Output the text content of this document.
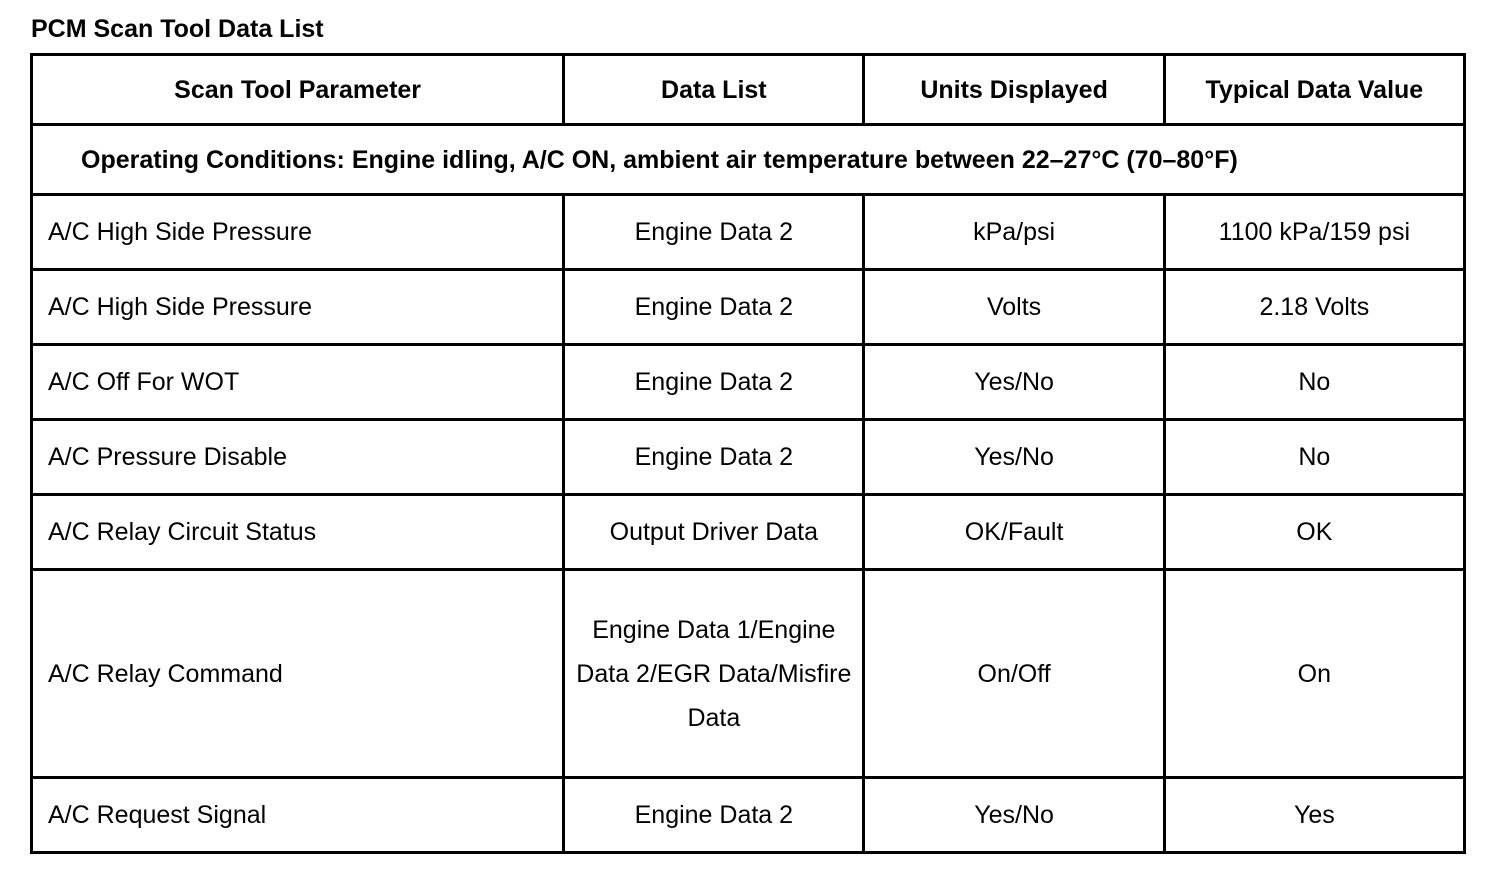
PCM Scan Tool Data List
Scan Tool Parameter	Data List	Units Displayed	Typical Data Value
Operating Conditions: Engine idling, A/C ON, ambient air temperature between 22–27°C (70–80°F)			
A/C High Side Pressure	Engine Data 2	kPa/psi	1100 kPa/159 psi
A/C High Side Pressure	Engine Data 2	Volts	2.18 Volts
A/C Off For WOT	Engine Data 2	Yes/No	No
A/C Pressure Disable	Engine Data 2	Yes/No	No
A/C Relay Circuit Status	Output Driver Data	OK/Fault	OK
A/C Relay Command	Engine Data 1/Engine Data 2/EGR Data/Misfire Data	On/Off	On
A/C Request Signal	Engine Data 2	Yes/No	Yes
